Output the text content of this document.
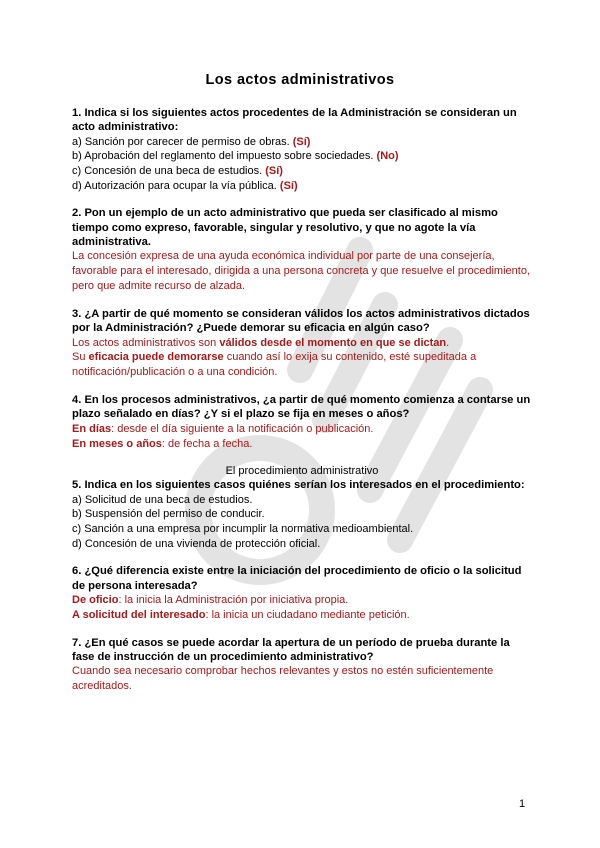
Los actos administrativos

1. Indica si los siguientes actos procedentes de la Administración se consideran un acto administrativo:

a) Sanción por carecer de permiso de obras. (Sí)

b) Aprobación del reglamento del impuesto sobre sociedades. (No)

c) Concesión de una beca de estudios. (Sí)

d) Autorización para ocupar la vía pública. (Sí)

2. Pon un ejemplo de un acto administrativo que pueda ser clasificado al mismo tiempo como expreso, favorable, singular y resolutivo, y que no agote la vía administrativa.

La concesión expresa de una ayuda económica individual por parte de una consejería, favorable para el interesado, dirigida a una persona concreta y que resuelve el procedimiento, pero que admite recurso de alzada.

3. ¿A partir de qué momento se consideran válidos los actos administrativos dictados por la Administración? ¿Puede demorar su eficacia en algún caso?

Los actos administrativos son válidos desde el momento en que se dictan.

Su eficacia puede demorarse cuando así lo exija su contenido, esté supeditada a notificación/publicación o a una condición.

4. En los procesos administrativos, ¿a partir de qué momento comienza a contarse un plazo señalado en días? ¿Y si el plazo se fija en meses o años?

En días: desde el día siguiente a la notificación o publicación.

En meses o años: de fecha a fecha.

El procedimiento administrativo

5. Indica en los siguientes casos quiénes serían los interesados en el procedimiento:

a) Solicitud de una beca de estudios.

b) Suspensión del permiso de conducir.

c) Sanción a una empresa por incumplir la normativa medioambiental.

d) Concesión de una vivienda de protección oficial.

6. ¿Qué diferencia existe entre la iniciación del procedimiento de oficio o la solicitud de persona interesada?

De oficio: la inicia la Administración por iniciativa propia.

A solicitud del interesado: la inicia un ciudadano mediante petición.

7. ¿En qué casos se puede acordar la apertura de un período de prueba durante la fase de instrucción de un procedimiento administrativo?

Cuando sea necesario comprobar hechos relevantes y estos no estén suficientemente acreditados.

1
